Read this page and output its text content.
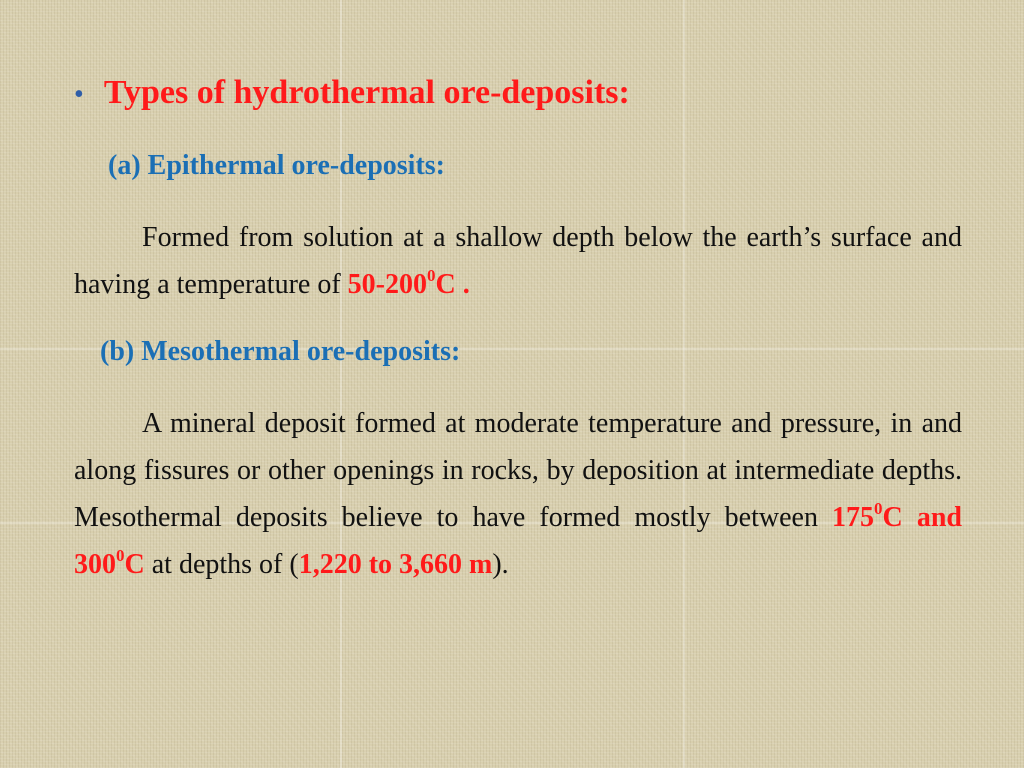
• Types of hydrothermal ore-deposits:
(a) Epithermal ore-deposits:

Formed from solution at a shallow depth below the earth’s surface and having a temperature of $50-200^0C$ .

(b) Mesothermal ore-deposits:

A mineral deposit formed at moderate temperature and pressure, in and along fissures or other openings in rocks, by deposition at intermediate depths. Mesothermal deposits believe to have formed mostly between $175^0C$ and $300^0C$ at depths of (1,220 to 3,660 m).
